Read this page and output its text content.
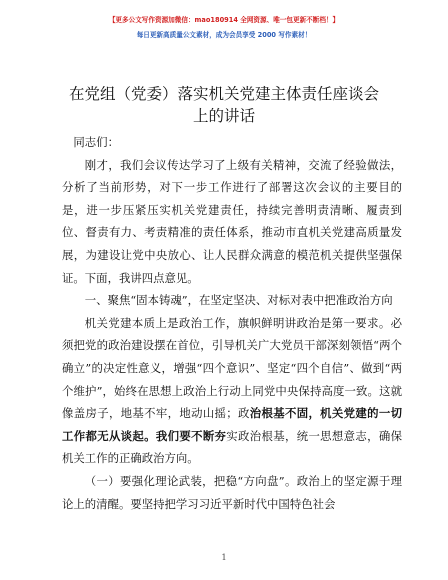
【更多公文写作资源加微信：mao180914 全网资源、唯一包更新不断档！】
每日更新高质量公文素材，成为会员享受 2000 写作素材！
在党组（党委）落实机关党建主体责任座谈会
上的讲话

同志们：

刚才，我们会议传达学习了上级有关精神，交流了经验做法，分析了当前形势，对下一步工作进行了部署这次会议的主要目的是，进一步压紧压实机关党建责任，持续完善明责清晰、履责到位、督责有力、考责精准的责任体系，推动市直机关党建高质量发展，为建设让党中央放心、让人民群众满意的模范机关提供坚强保证。下面，我讲四点意见。

一、聚焦“固本铸魂”，在坚定坚决、对标对表中把准政治方向

机关党建本质上是政治工作，旗帜鲜明讲政治是第一要求。必须把党的政治建设摆在首位，引导机关广大党员干部深刻领悟“两个确立”的决定性意义，增强“四个意识”、坚定“四个自信”、做到“两个维护”，始终在思想上政治上行动上同党中央保持高度一致。这就像盖房子，地基不牢，地动山摇；政治根基不固，机关党建的一切工作都无从谈起。我们要不断夯实政治根基，统一思想意志，确保机关工作的正确政治方向。

（一）要强化理论武装，把稳“方向盘”。政治上的坚定源于理论上的清醒。要坚持把学习习近平新时代中国特色社会

1
